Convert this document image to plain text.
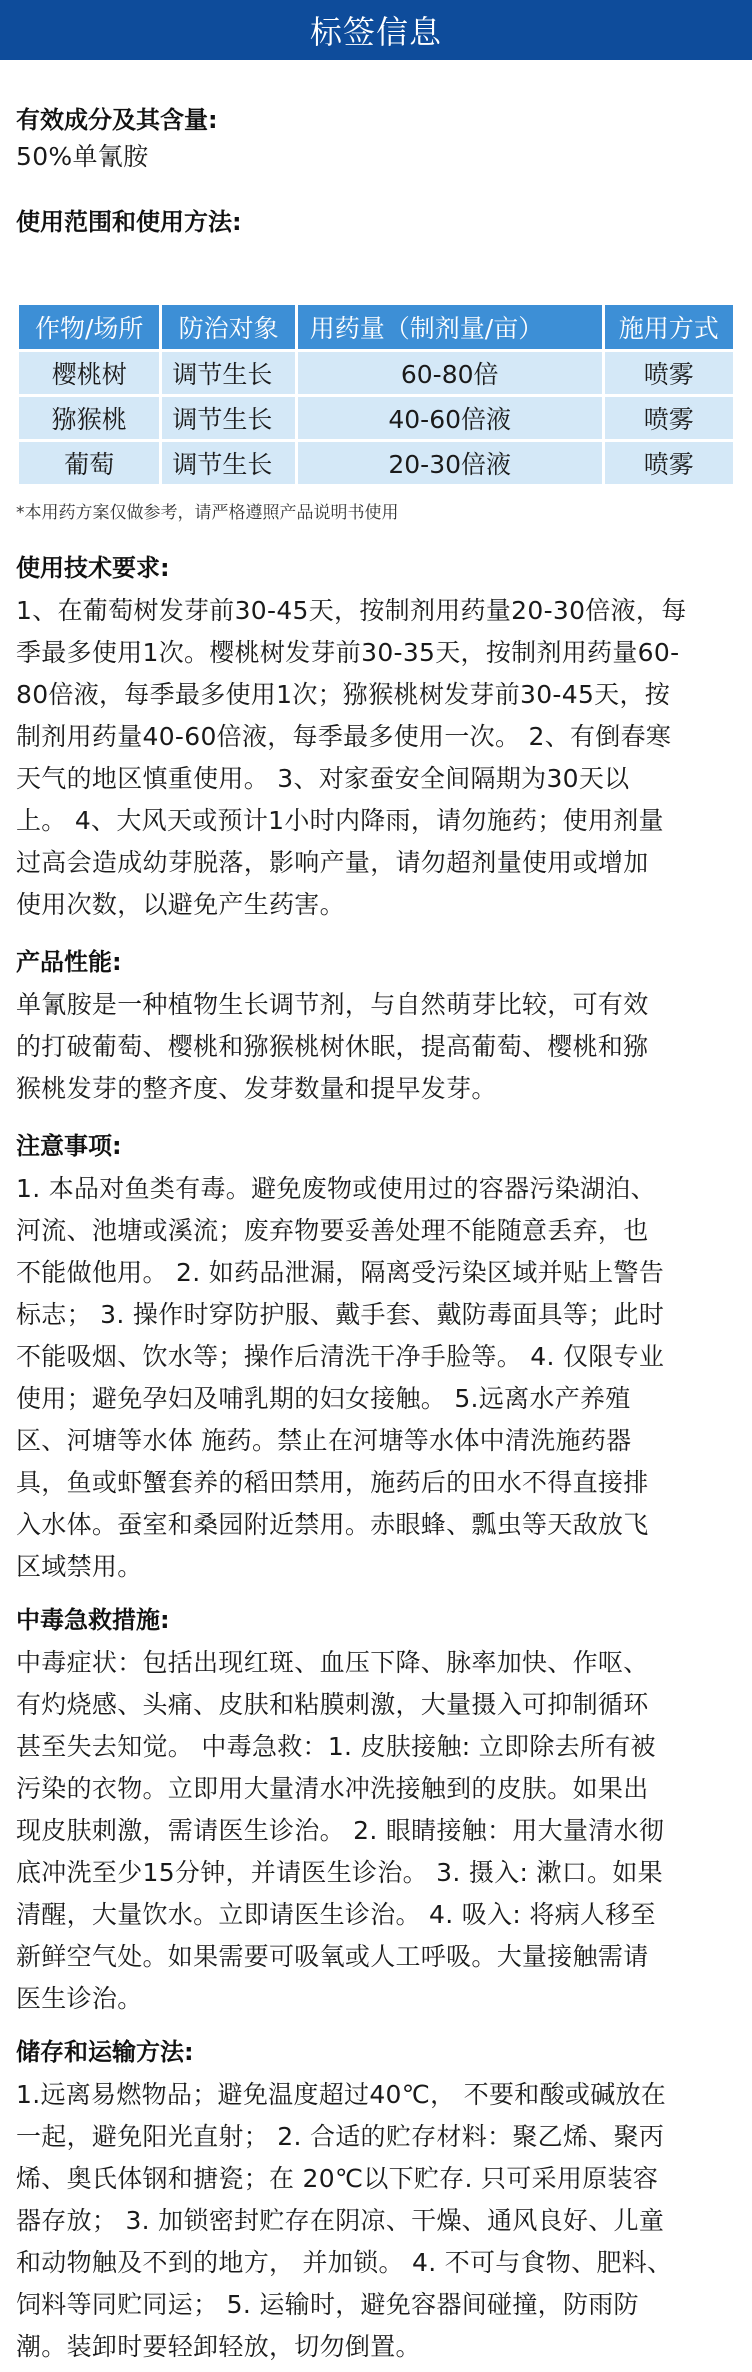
标签信息
有效成分及其含量:
50%单氰胺
使用范围和使用方法:
作物/场所	防治对象	用药量（制剂量/亩）	施用方式
樱桃树	调节生长	60-80倍	喷雾
猕猴桃	调节生长	40-60倍液	喷雾
葡萄	调节生长	20-30倍液	喷雾
*本用药方案仅做参考，请严格遵照产品说明书使用
使用技术要求:
1、在葡萄树发芽前30-45天，按制剂用药量20-30倍液，每
季最多使用1次。樱桃树发芽前30-35天，按制剂用药量60-
80倍液，每季最多使用1次；猕猴桃树发芽前30-45天，按
制剂用药量40-60倍液，每季最多使用一次。 2、有倒春寒
天气的地区慎重使用。 3、对家蚕安全间隔期为30天以
上。 4、大风天或预计1小时内降雨，请勿施药；使用剂量
过高会造成幼芽脱落，影响产量，请勿超剂量使用或增加
使用次数，以避免产生药害。
产品性能:
单氰胺是一种植物生长调节剂，与自然萌芽比较，可有效
的打破葡萄、樱桃和猕猴桃树休眠，提高葡萄、樱桃和猕
猴桃发芽的整齐度、发芽数量和提早发芽。
注意事项:
1. 本品对鱼类有毒。避免废物或使用过的容器污染湖泊、
河流、池塘或溪流；废弃物要妥善处理不能随意丢弃，也
不能做他用。 2. 如药品泄漏，隔离受污染区域并贴上警告
标志； 3. 操作时穿防护服、戴手套、戴防毒面具等；此时
不能吸烟、饮水等；操作后清洗干净手脸等。 4. 仅限专业
使用；避免孕妇及哺乳期的妇女接触。 5.远离水产养殖
区、河塘等水体 施药。禁止在河塘等水体中清洗施药器
具，鱼或虾蟹套养的稻田禁用，施药后的田水不得直接排
入水体。蚕室和桑园附近禁用。赤眼蜂、瓢虫等天敌放飞
区域禁用。
中毒急救措施:
中毒症状：包括出现红斑、血压下降、脉率加快、作呕、
有灼烧感、头痛、皮肤和粘膜刺激，大量摄入可抑制循环
甚至失去知觉。 中毒急救：1. 皮肤接触: 立即除去所有被
污染的衣物。立即用大量清水冲洗接触到的皮肤。如果出
现皮肤刺激，需请医生诊治。 2. 眼睛接触：用大量清水彻
底冲洗至少15分钟，并请医生诊治。 3. 摄入: 漱口。如果
清醒，大量饮水。立即请医生诊治。 4. 吸入: 将病人移至
新鲜空气处。如果需要可吸氧或人工呼吸。大量接触需请
医生诊治。
储存和运输方法:
1.远离易燃物品；避免温度超过40℃， 不要和酸或碱放在
一起，避免阳光直射； 2. 合适的贮存材料：聚乙烯、聚丙
烯、奥氏体钢和搪瓷；在 20℃以下贮存. 只可采用原装容
器存放； 3. 加锁密封贮存在阴凉、干燥、通风良好、儿童
和动物触及不到的地方， 并加锁。 4. 不可与食物、肥料、
饲料等同贮同运； 5. 运输时，避免容器间碰撞，防雨防
潮。装卸时要轻卸轻放，切勿倒置。
